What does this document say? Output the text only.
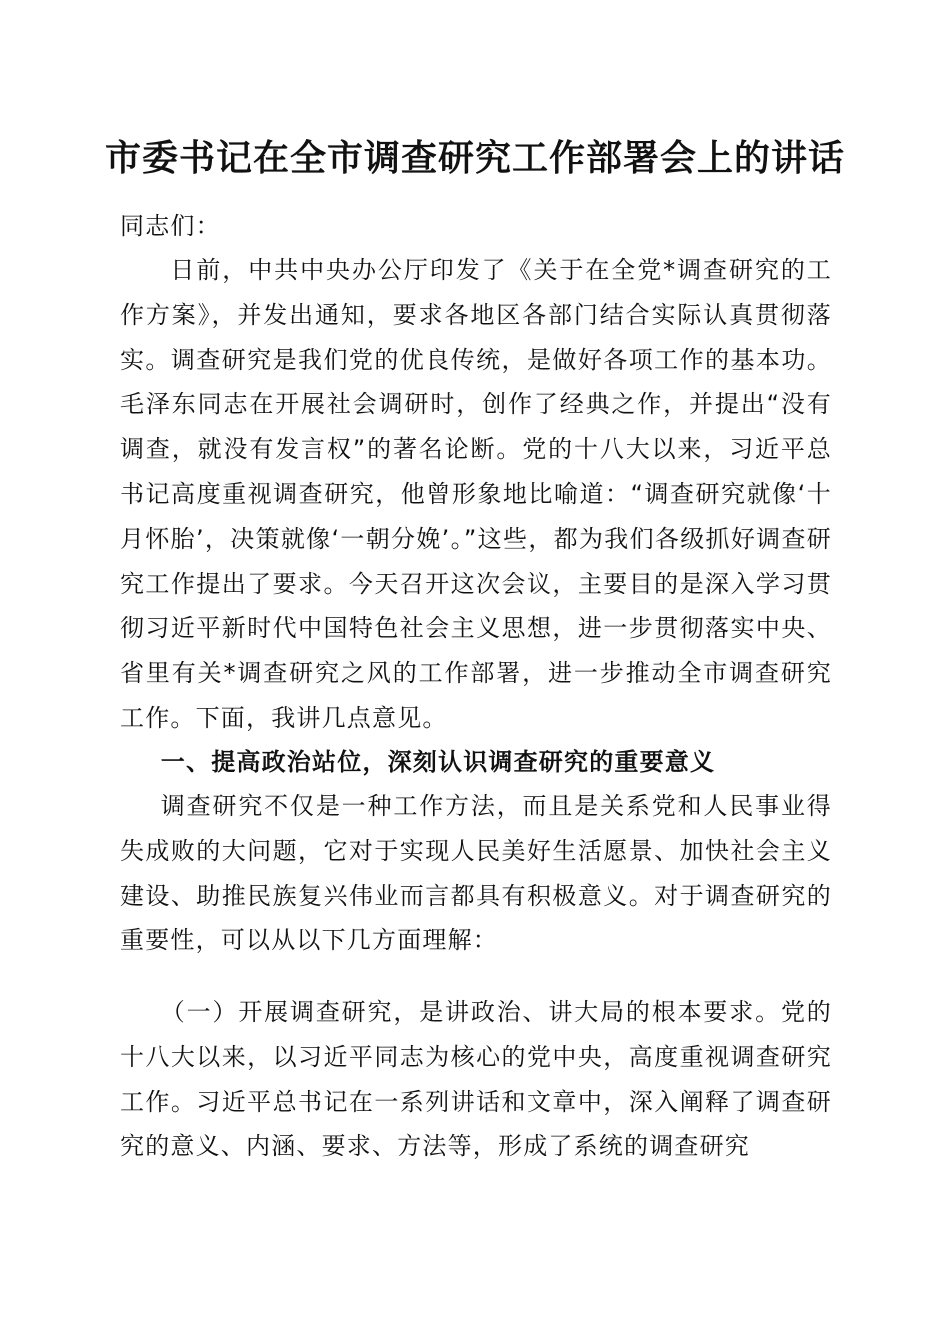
市委书记在全市调查研究工作部署会上的讲话

同志们：

日前，中共中央办公厅印发了《关于在全党*调查研究的工作方案》，并发出通知，要求各地区各部门结合实际认真贯彻落实。调查研究是我们党的优良传统，是做好各项工作的基本功。毛泽东同志在开展社会调研时，创作了经典之作，并提出“没有调查，就没有发言权”的著名论断。党的十八大以来，习近平总书记高度重视调查研究，他曾形象地比喻道：“调查研究就像‘十月怀胎’，决策就像‘一朝分娩’。”这些，都为我们各级抓好调查研究工作提出了要求。今天召开这次会议，主要目的是深入学习贯彻习近平新时代中国特色社会主义思想，进一步贯彻落实中央、省里有关*调查研究之风的工作部署，进一步推动全市调查研究工作。下面，我讲几点意见。

一、提高政治站位，深刻认识调查研究的重要意义

调查研究不仅是一种工作方法，而且是关系党和人民事业得失成败的大问题，它对于实现人民美好生活愿景、加快社会主义建设、助推民族复兴伟业而言都具有积极意义。对于调查研究的重要性，可以从以下几方面理解：

（一）开展调查研究，是讲政治、讲大局的根本要求。党的十八大以来，以习近平同志为核心的党中央，高度重视调查研究工作。习近平总书记在一系列讲话和文章中，深入阐释了调查研究的意义、内涵、要求、方法等，形成了系统的调查研究
